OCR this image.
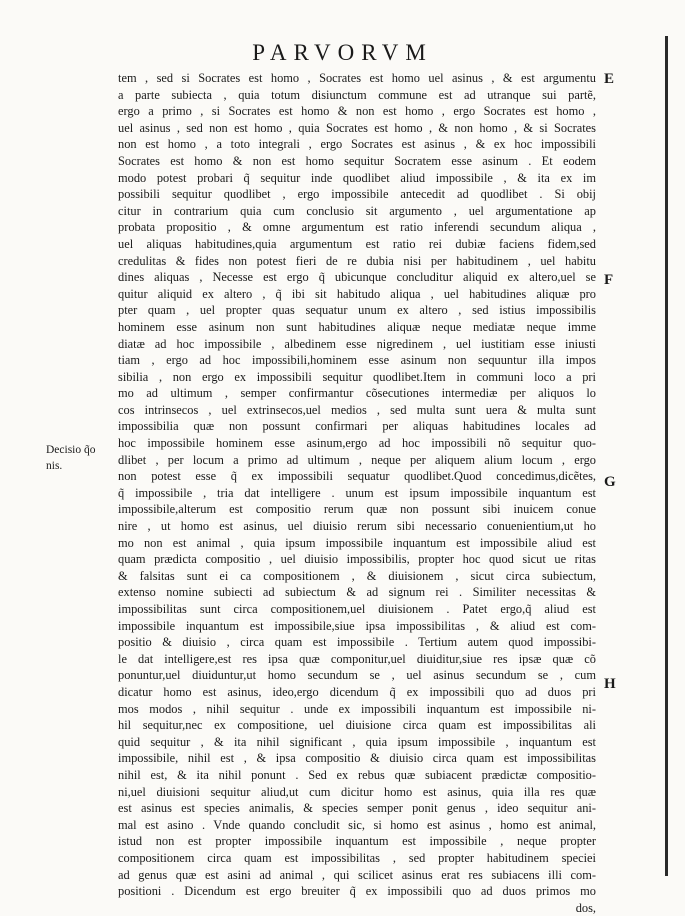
PARVORVM
E
F
G
H
Decisio q̃o
nis.
tem , sed si Socrates est homo , Socrates est homo uel asinus , & est argumentu
a parte subiecta , quia totum disiunctum commune est ad utranque sui partẽ,
ergo a primo , si Socrates est homo & non est homo , ergo Socrates est homo ,
uel asinus , sed non est homo , quia Socrates est homo , & non homo , & si Socrates
non est homo , a toto integrali , ergo Socrates est asinus , & ex hoc impossibili
Socrates est homo & non est homo sequitur Socratem esse asinum . Et eodem
modo potest probari q̃ sequitur inde quodlibet aliud impossibile , & ita ex im
possibili sequitur quodlibet , ergo impossibile antecedit ad quodlibet . Si obij
citur in contrarium quia cum conclusio sit argumento , uel argumentatione ap
probata propositio , & omne argumentum est ratio inferendi secundum aliqua ,
uel aliquas habitudines,quia argumentum est ratio rei dubiæ faciens fidem,sed
credulitas & fides non potest fieri de re dubia nisi per habitudinem , uel habitu
dines aliquas , Necesse est ergo q̃ ubicunque concluditur aliquid ex altero,uel se
quitur aliquid ex altero , q̃ ibi sit habitudo aliqua , uel habitudines aliquæ pro
pter quam , uel propter quas sequatur unum ex altero , sed istius impossibilis
hominem esse asinum non sunt habitudines aliquæ neque mediatæ neque imme
diatæ ad hoc impossibile , albedinem esse nigredinem , uel iustitiam esse iniusti
tiam , ergo ad hoc impossibili,hominem esse asinum non sequuntur illa impos
sibilia , non ergo ex impossibili sequitur quodlibet.Item in communi loco a pri
mo ad ultimum , semper confirmantur cõsecutiones intermediæ per aliquos lo
cos intrinsecos , uel extrinsecos,uel medios , sed multa sunt uera & multa sunt
impossibilia quæ non possunt confirmari per aliquas habitudines locales ad
hoc impossibile hominem esse asinum,ergo ad hoc impossibili nõ sequitur quo-
dlibet , per locum a primo ad ultimum , neque per aliquem alium locum , ergo
non potest esse q̃ ex impossibili sequatur quodlibet.Quod concedimus,dicẽtes,
q̃ impossibile , tria dat intelligere . unum est ipsum impossibile inquantum est
impossibile,alterum est compositio rerum quæ non possunt sibi inuicem conue
nire , ut homo est asinus, uel diuisio rerum sibi necessario conuenientium,ut ho
mo non est animal , quia ipsum impossibile inquantum est impossibile aliud est
quam prædicta compositio , uel diuisio impossibilis, propter hoc quod sicut ue ritas
& falsitas sunt ei ca compositionem , & diuisionem , sicut circa subiectum,
extenso nomine subiecti ad subiectum & ad signum rei . Similiter necessitas &
impossibilitas sunt circa compositionem,uel diuisionem . Patet ergo,q̃ aliud est
impossibile inquantum est impossibile,siue ipsa impossibilitas , & aliud est com-
positio & diuisio , circa quam est impossibile . Tertium autem quod impossibi-
le dat intelligere,est res ipsa quæ componitur,uel diuiditur,siue res ipsæ quæ cõ
ponuntur,uel diuiduntur,ut homo secundum se , uel asinus secundum se , cum
dicatur homo est asinus, ideo,ergo dicendum q̃ ex impossibili quo ad duos pri
mos modos , nihil sequitur . unde ex impossibili inquantum est impossibile ni-
hil sequitur,nec ex compositione, uel diuisione circa quam est impossibilitas ali
quid sequitur , & ita nihil significant , quia ipsum impossibile , inquantum est
impossibile, nihil est , & ipsa compositio & diuisio circa quam est impossibilitas
nihil est, & ita nihil ponunt . Sed ex rebus quæ subiacent prædictæ compositio-
ni,uel diuisioni sequitur aliud,ut cum dicitur homo est asinus, quia illa res quæ
est asinus est species animalis, & species semper ponit genus , ideo sequitur ani-
mal est asino . Vnde quando concludit sic, si homo est asinus , homo est animal,
istud non est propter impossibile inquantum est impossibile , neque propter
compositionem circa quam est impossibilitas , sed propter habitudinem speciei
ad genus quæ est asini ad animal , qui scilicet asinus erat res subiacens illi com-
positioni . Dicendum est ergo breuiter q̃ ex impossibili quo ad duos primos mo
dos,
